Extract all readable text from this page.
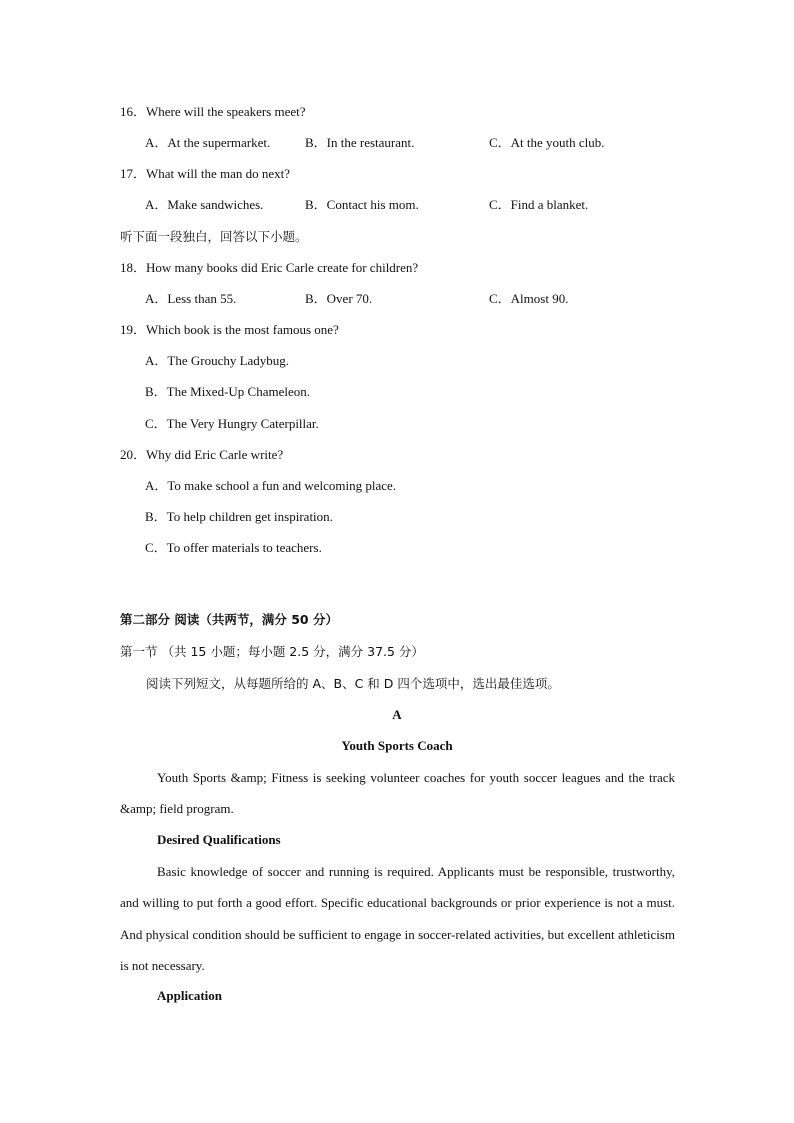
16．Where will the speakers meet?
A．At the supermarket.	B．In the restaurant.	C．At the youth club.
17．What will the man do next?
A．Make sandwiches.	B．Contact his mom.	C．Find a blanket.
听下面一段独白，回答以下小题。
18．How many books did Eric Carle create for children?
A．Less than 55.	B．Over 70.	C．Almost 90.
19．Which book is the most famous one?
A．The Grouchy Ladybug.
B．The Mixed-Up Chameleon.
C．The Very Hungry Caterpillar.
20．Why did Eric Carle write?
A．To make school a fun and welcoming place.
B．To help children get inspiration.
C．To offer materials to teachers.
第二部分 阅读（共两节，满分 50 分）
第一节 （共 15 小题；每小题 2.5 分，满分 37.5 分）
阅读下列短文，从每题所给的 A、B、C 和 D 四个选项中，选出最佳选项。
A
Youth Sports Coach
Youth Sports &amp; Fitness is seeking volunteer coaches for youth soccer leagues and the track &amp; field program.
Desired Qualifications
Basic knowledge of soccer and running is required. Applicants must be responsible, trustworthy, and willing to put forth a good effort. Specific educational backgrounds or prior experience is not a must. And physical condition should be sufficient to engage in soccer-related activities, but excellent athleticism is not necessary.
Application
